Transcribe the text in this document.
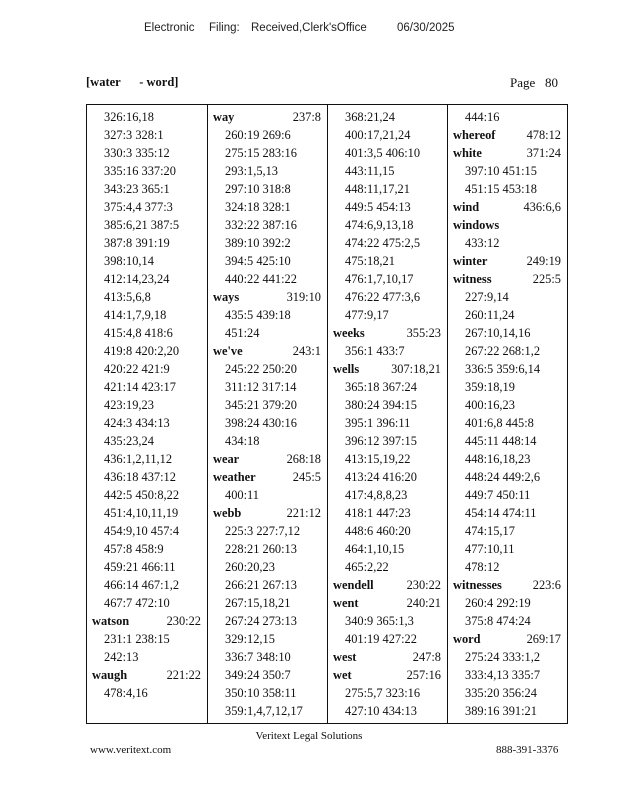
Electronic Filing: Received,Clerk'sOffice	06/30/2025
[water      - word]	Page   80
326:16,18
327:3 328:1
330:3 335:12
335:16 337:20
343:23 365:1
375:4,4 377:3
385:6,21 387:5
387:8 391:19
398:10,14
412:14,23,24
413:5,6,8
414:1,7,9,18
415:4,8 418:6
419:8 420:2,20
420:22 421:9
421:14 423:17
423:19,23
424:3 434:13
435:23,24
436:1,2,11,12
436:18 437:12
442:5 450:8,22
451:4,10,11,19
454:9,10 457:4
457:8 458:9
459:21 466:11
466:14 467:1,2
467:7 472:10
watson	230:22
231:1 238:15
242:13
waugh	221:22
478:4,16
way	237:8
260:19 269:6
275:15 283:16
293:1,5,13
297:10 318:8
324:18 328:1
332:22 387:16
389:10 392:2
394:5 425:10
440:22 441:22
ways	319:10
435:5 439:18
451:24
we've	243:1
245:22 250:20
311:12 317:14
345:21 379:20
398:24 430:16
434:18
wear	268:18
weather	245:5
400:11
webb	221:12
225:3 227:7,12
228:21 260:13
260:20,23
266:21 267:13
267:15,18,21
267:24 273:13
329:12,15
336:7 348:10
349:24 350:7
350:10 358:11
359:1,4,7,12,17
368:21,24
400:17,21,24
401:3,5 406:10
443:11,15
448:11,17,21
449:5 454:13
474:6,9,13,18
474:22 475:2,5
475:18,21
476:1,7,10,17
476:22 477:3,6
477:9,17
weeks	355:23
356:1 433:7
wells	307:18,21
365:18 367:24
380:24 394:15
395:1 396:11
396:12 397:15
413:15,19,22
413:24 416:20
417:4,8,8,23
418:1 447:23
448:6 460:20
464:1,10,15
465:2,22
wendell	230:22
went	240:21
340:9 365:1,3
401:19 427:22
west	247:8
wet	257:16
275:5,7 323:16
427:10 434:13
444:16
whereof	478:12
white	371:24
397:10 451:15
451:15 453:18
wind	436:6,6
windows
433:12
winter	249:19
witness	225:5
227:9,14
260:11,24
267:10,14,16
267:22 268:1,2
336:5 359:6,14
359:18,19
400:16,23
401:6,8 445:8
445:11 448:14
448:16,18,23
448:24 449:2,6
449:7 450:11
454:14 474:11
474:15,17
477:10,11
478:12
witnesses 223:6
260:4 292:19
375:8 474:24
word	269:17
275:24 333:1,2
333:4,13 335:7
335:20 356:24
389:16 391:21
Veritext Legal Solutions
www.veritext.com	888-391-3376
